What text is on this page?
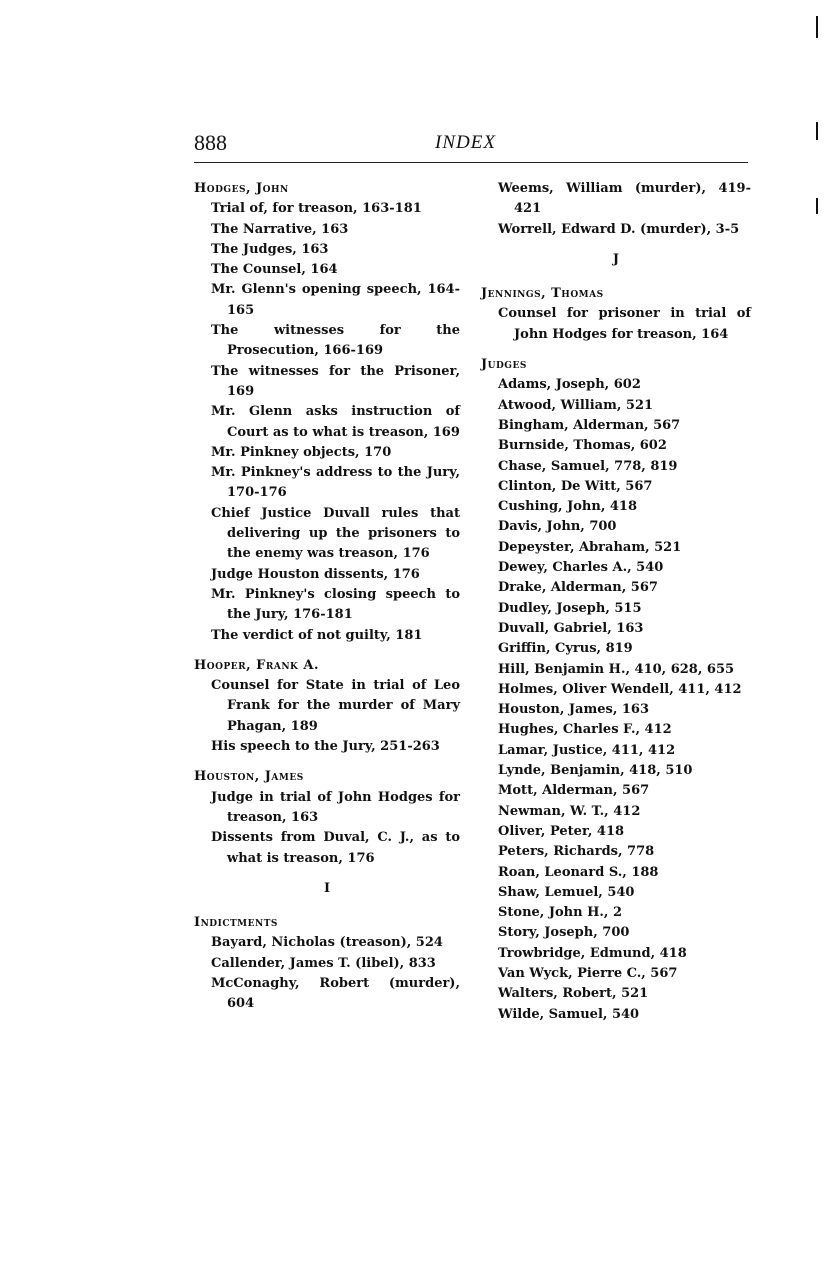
888	INDEX
Hodges, John
Trial of, for treason, 163-181
The Narrative, 163
The Judges, 163
The Counsel, 164
Mr. Glenn's opening speech, 164-165
The witnesses for the Prosecution, 166-169
The witnesses for the Prisoner, 169
Mr. Glenn asks instruction of Court as to what is treason, 169
Mr. Pinkney objects, 170
Mr. Pinkney's address to the Jury, 170-176
Chief Justice Duvall rules that delivering up the prisoners to the enemy was treason, 176
Judge Houston dissents, 176
Mr. Pinkney's closing speech to the Jury, 176-181
The verdict of not guilty, 181
Hooper, Frank A.
Counsel for State in trial of Leo Frank for the murder of Mary Phagan, 189
His speech to the Jury, 251-263
Houston, James
Judge in trial of John Hodges for treason, 163
Dissents from Duval, C. J., as to what is treason, 176
I
Indictments
Bayard, Nicholas (treason), 524
Callender, James T. (libel), 833
McConaghy, Robert (murder), 604
Weems, William (murder), 419-421
Worrell, Edward D. (murder), 3-5
J
Jennings, Thomas
Counsel for prisoner in trial of John Hodges for treason, 164
Judges
Adams, Joseph, 602
Atwood, William, 521
Bingham, Alderman, 567
Burnside, Thomas, 602
Chase, Samuel, 778, 819
Clinton, De Witt, 567
Cushing, John, 418
Davis, John, 700
Depeyster, Abraham, 521
Dewey, Charles A., 540
Drake, Alderman, 567
Dudley, Joseph, 515
Duvall, Gabriel, 163
Griffin, Cyrus, 819
Hill, Benjamin H., 410, 628, 655
Holmes, Oliver Wendell, 411, 412
Houston, James, 163
Hughes, Charles F., 412
Lamar, Justice, 411, 412
Lynde, Benjamin, 418, 510
Mott, Alderman, 567
Newman, W. T., 412
Oliver, Peter, 418
Peters, Richards, 778
Roan, Leonard S., 188
Shaw, Lemuel, 540
Stone, John H., 2
Story, Joseph, 700
Trowbridge, Edmund, 418
Van Wyck, Pierre C., 567
Walters, Robert, 521
Wilde, Samuel, 540
